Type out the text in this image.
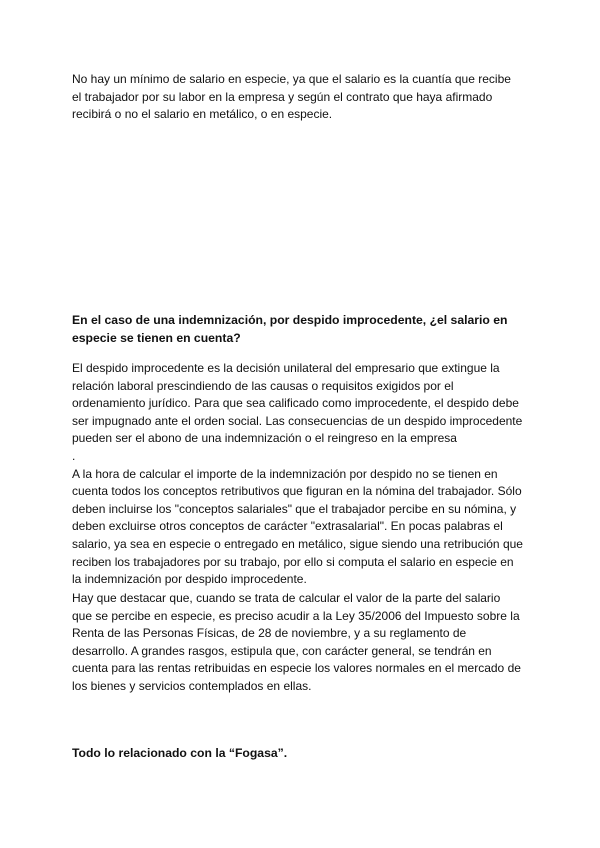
No hay un mínimo de salario en especie, ya que el salario es la cuantía que recibe
el trabajador por su labor en la empresa y según el contrato que haya afirmado
recibirá o no el salario en metálico, o en especie.
En el caso de una indemnización, por despido improcedente, ¿el salario en
especie se tienen en cuenta?
El despido improcedente es la decisión unilateral del empresario que extingue la
relación laboral prescindiendo de las causas o requisitos exigidos por el
ordenamiento jurídico. Para que sea calificado como improcedente, el despido debe
ser impugnado ante el orden social. Las consecuencias de un despido improcedente
pueden ser el abono de una indemnización o el reingreso en la empresa
.
A la hora de calcular el importe de la indemnización por despido no se tienen en
cuenta todos los conceptos retributivos que figuran en la nómina del trabajador. Sólo
deben incluirse los "conceptos salariales" que el trabajador percibe en su nómina, y
deben excluirse otros conceptos de carácter "extrasalarial". En pocas palabras el
salario, ya sea en especie o entregado en metálico, sigue siendo una retribución que
reciben los trabajadores por su trabajo, por ello si computa el salario en especie en
la indemnización por despido improcedente.
Hay que destacar que, cuando se trata de calcular el valor de la parte del salario
que se percibe en especie, es preciso acudir a la Ley 35/2006 del Impuesto sobre la
Renta de las Personas Físicas, de 28 de noviembre, y a su reglamento de
desarrollo. A grandes rasgos, estipula que, con carácter general, se tendrán en
cuenta para las rentas retribuidas en especie los valores normales en el mercado de
los bienes y servicios contemplados en ellas.
Todo lo relacionado con la “Fogasa”.
